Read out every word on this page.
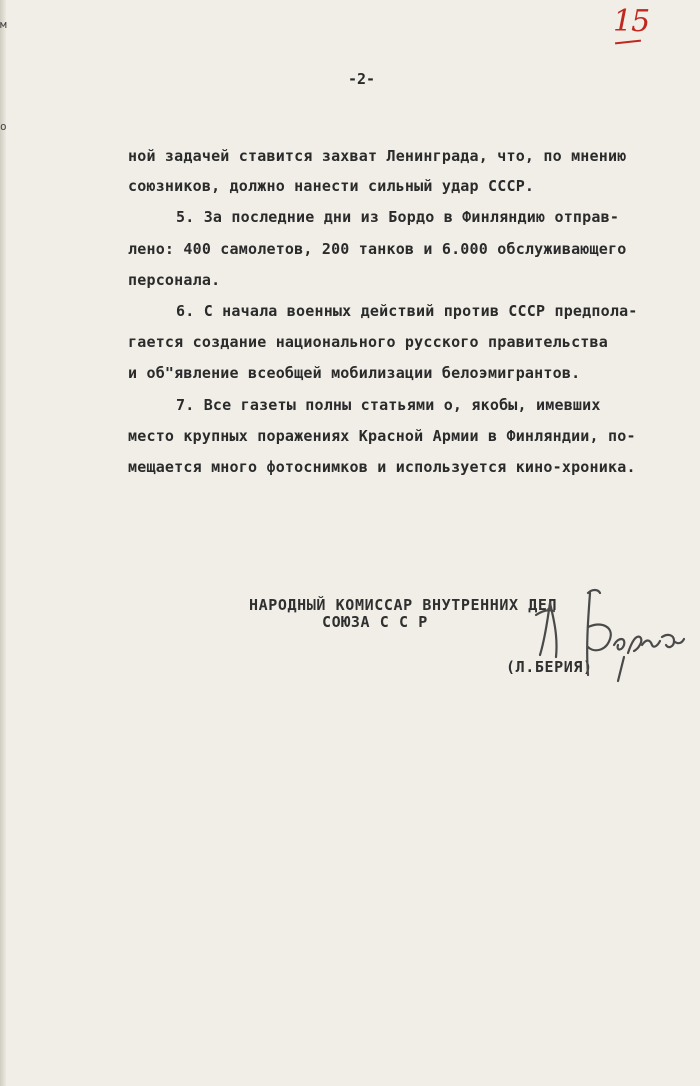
м
о
15
-2-
ной задачей ставится захват Ленинграда, что, по мнению
союзников, должно нанести сильный удар СССР.
5. За последние дни из Бордо в Финляндию отправ-
лено: 400 самолетов, 200 танков и 6.000 обслуживающего
персонала.
6. С начала военных действий против СССР предпола-
гается создание национального русского правительства
и об"явление всеобщей мобилизации белоэмигрантов.
7. Все газеты полны статьями о, якобы, имевших
место крупных поражениях Красной Армии в Финляндии, по-
мещается много фотоснимков и используется кино-хроника.
НАРОДНЫЙ КОМИССАР ВНУТРЕННИХ ДЕЛ
СОЮЗА С С Р
(Л.БЕРИЯ)
